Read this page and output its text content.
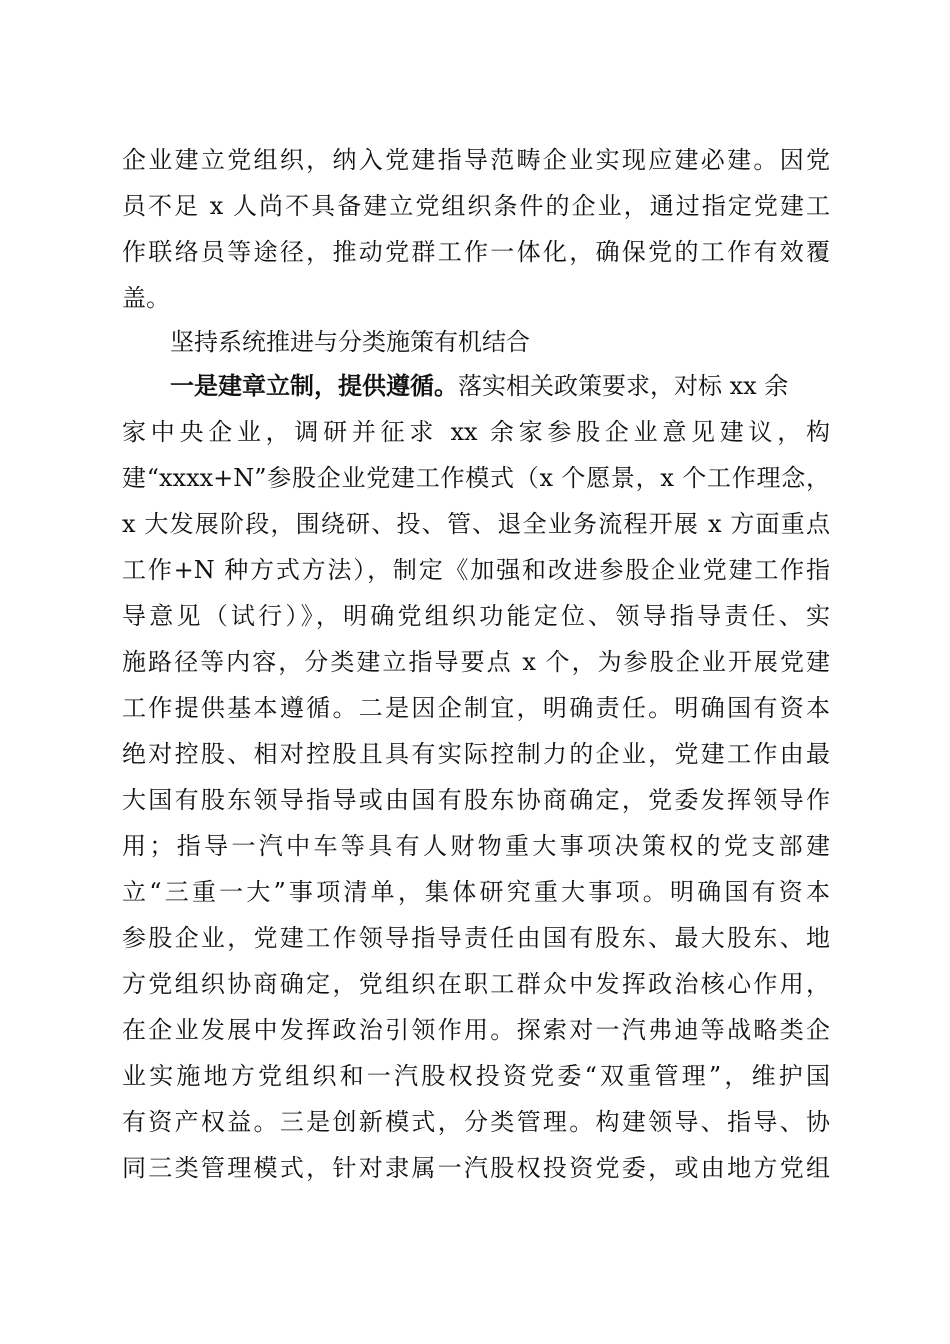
企业建立党组织，纳入党建指导范畴企业实现应建必建。因党
员不足 x 人尚不具备建立党组织条件的企业，通过指定党建工
作联络员等途径，推动党群工作一体化，确保党的工作有效覆
盖。
坚持系统推进与分类施策有机结合
一是建章立制，提供遵循。落实相关政策要求，对标 xx 余
家中央企业，调研并征求 xx 余家参股企业意见建议，构
建“xxxx+N”参股企业党建工作模式（x 个愿景，x 个工作理念，
x 大发展阶段，围绕研、投、管、退全业务流程开展 x 方面重点
工作+N 种方式方法），制定《加强和改进参股企业党建工作指
导意见（试行）》，明确党组织功能定位、领导指导责任、实
施路径等内容，分类建立指导要点 x 个，为参股企业开展党建
工作提供基本遵循。二是因企制宜，明确责任。明确国有资本
绝对控股、相对控股且具有实际控制力的企业，党建工作由最
大国有股东领导指导或由国有股东协商确定，党委发挥领导作
用；指导一汽中车等具有人财物重大事项决策权的党支部建
立“三重一大”事项清单，集体研究重大事项。明确国有资本
参股企业，党建工作领导指导责任由国有股东、最大股东、地
方党组织协商确定，党组织在职工群众中发挥政治核心作用，
在企业发展中发挥政治引领作用。探索对一汽弗迪等战略类企
业实施地方党组织和一汽股权投资党委“双重管理”，维护国
有资产权益。三是创新模式，分类管理。构建领导、指导、协
同三类管理模式，针对隶属一汽股权投资党委，或由地方党组
